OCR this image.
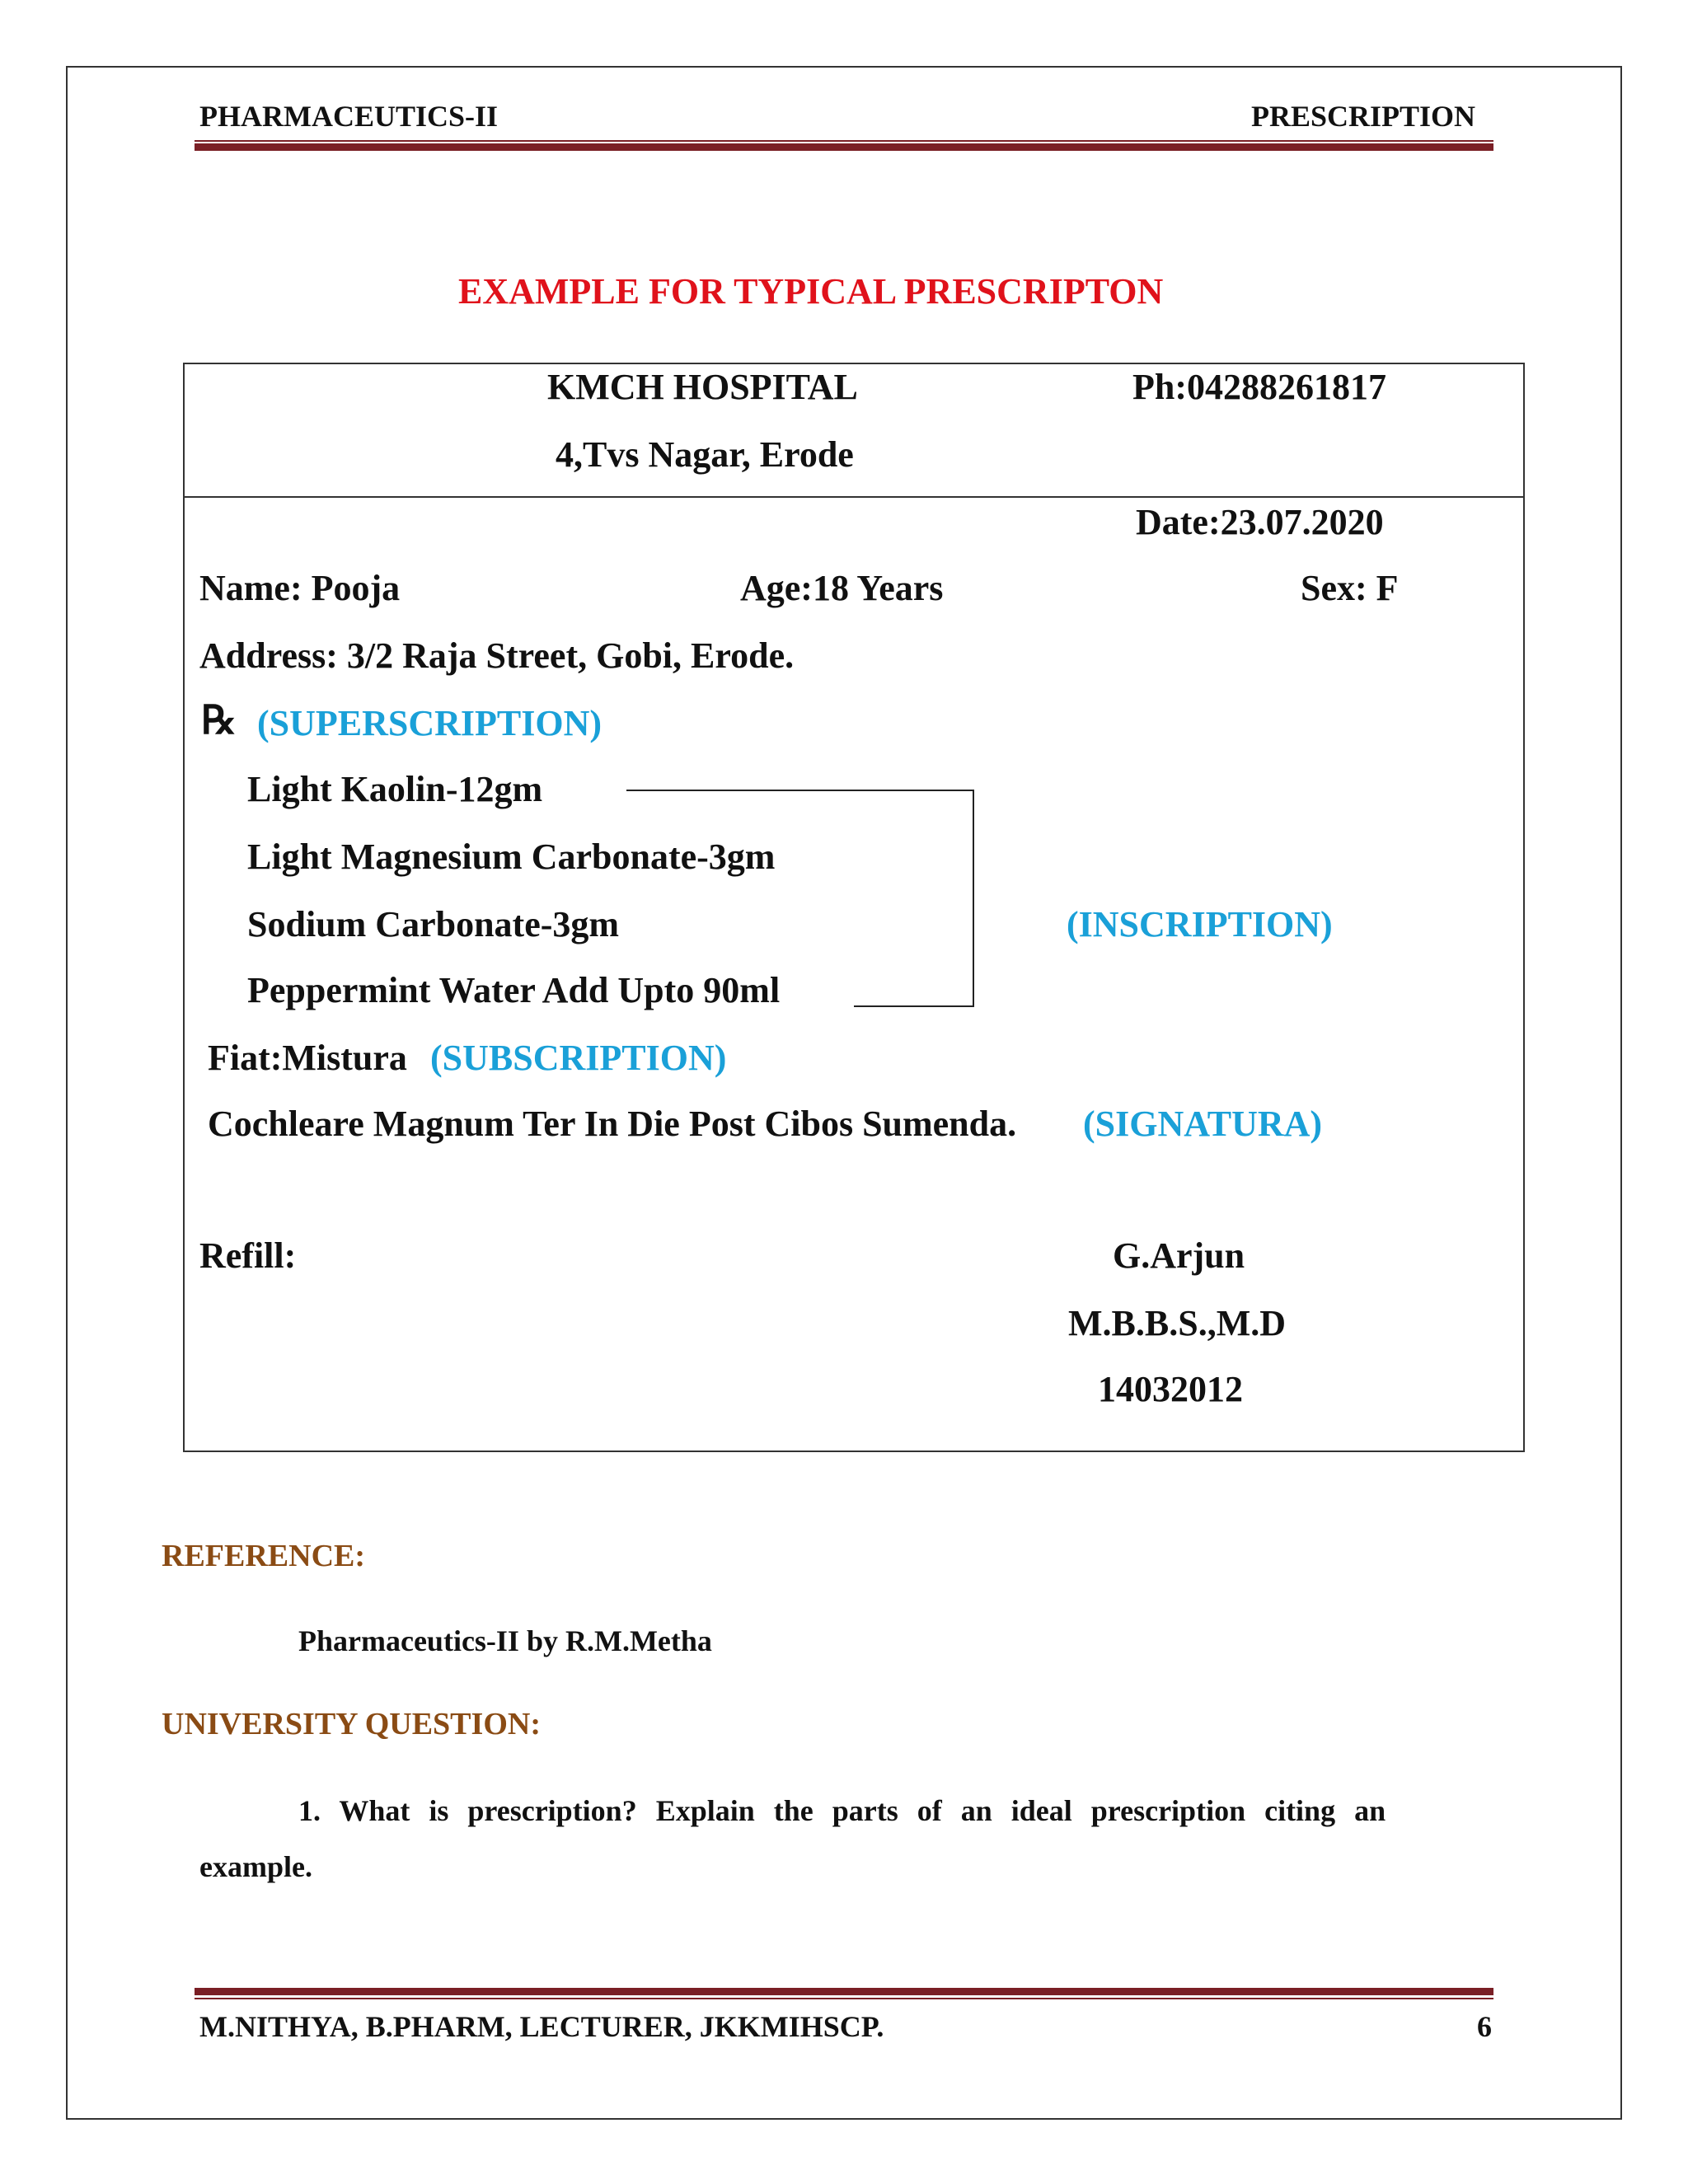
PHARMACEUTICS-II	PRESCRIPTION
EXAMPLE FOR TYPICAL PRESCRIPTON
KMCH HOSPITAL	Ph:04288261817
4,Tvs Nagar, Erode
Date:23.07.2020
Name: Pooja	Age:18 Years	Sex: F
Address: 3/2 Raja Street, Gobi, Erode.
℞ (SUPERSCRIPTION)
Light Kaolin-12gm
Light Magnesium Carbonate-3gm
Sodium Carbonate-3gm
Peppermint Water Add Upto 90ml
(INSCRIPTION)
Fiat:Mistura (SUBSCRIPTION)
Cochleare Magnum Ter In Die Post Cibos Sumenda. (SIGNATURA)
Refill:	G.Arjun
M.B.B.S.,M.D
14032012
REFERENCE:
Pharmaceutics-II by R.M.Metha
UNIVERSITY QUESTION:
1. What is prescription? Explain the parts of an ideal prescription citing an
example.
M.NITHYA, B.PHARM, LECTURER, JKKMIHSCP.	6
